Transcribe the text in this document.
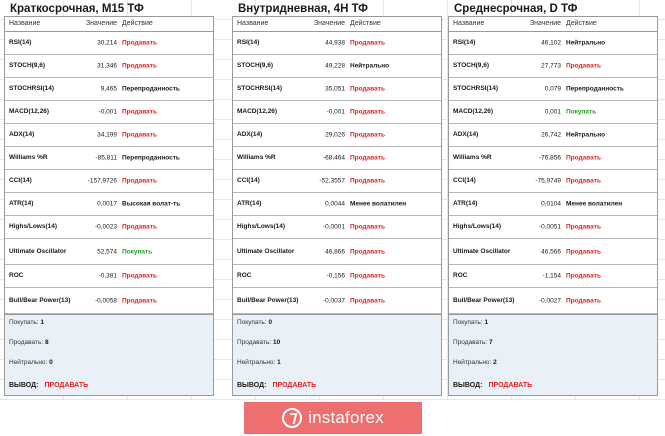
Краткосрочная, M15 ТФ
Название	Значение Действие
RSI(14)	30,214 Продавать
STOCH(9,6)	31,346 Продавать
STOCHRSI(14)	9,465 Перепроданность
MACD(12,26)	-0,001 Продавать
ADX(14)	34,199 Продавать
Williams %R	-85,811 Перепроданность
CCI(14)	-157,9726 Продавать
ATR(14)	0,0017 Высокая волат-ть
Highs/Lows(14)	-0,0023 Продавать
Ultimate Oscillator	52,574 Покупать
ROC	-0,381 Продавать
Bull/Bear Power(13)	-0,0058 Продавать
Покупать: 1
Продавать: 8
Нейтрально: 0
ВЫВОД: ПРОДАВАТЬ
Внутридневная, 4H ТФ
Название	Значение Действие
RSI(14)	44,938 Продавать
STOCH(9,6)	49,228 Нейтрально
STOCHRSI(14)	35,051 Продавать
MACD(12,26)	-0,001 Продавать
ADX(14)	29,026 Продавать
Williams %R	-68,464 Продавать
CCI(14)	-52,3557 Продавать
ATR(14)	0,0044 Менее волатилен
Highs/Lows(14)	-0,0001 Продавать
Ultimate Oscillator	46,866 Продавать
ROC	-0,156 Продавать
Bull/Bear Power(13)	-0,0037 Продавать
Покупать: 0
Продавать: 10
Нейтрально: 1
ВЫВОД: ПРОДАВАТЬ
Среднесрочная, D ТФ
Название	Значение Действие
RSI(14)	46,102 Нейтрально
STOCH(9,6)	27,773 Продавать
STOCHRSI(14)	0,079 Перепроданность
MACD(12,26)	0,001 Покупать
ADX(14)	26,742 Нейтрально
Williams %R	-76,856 Продавать
CCI(14)	-75,9749 Продавать
ATR(14)	0,0104 Менее волатилен
Highs/Lows(14)	-0,0051 Продавать
Ultimate Oscillator	46,566 Продавать
ROC	-1,154 Продавать
Bull/Bear Power(13)	-0,0027 Продавать
Покупать: 1
Продавать: 7
Нейтрально: 2
ВЫВОД: ПРОДАВАТЬ
instaforex
